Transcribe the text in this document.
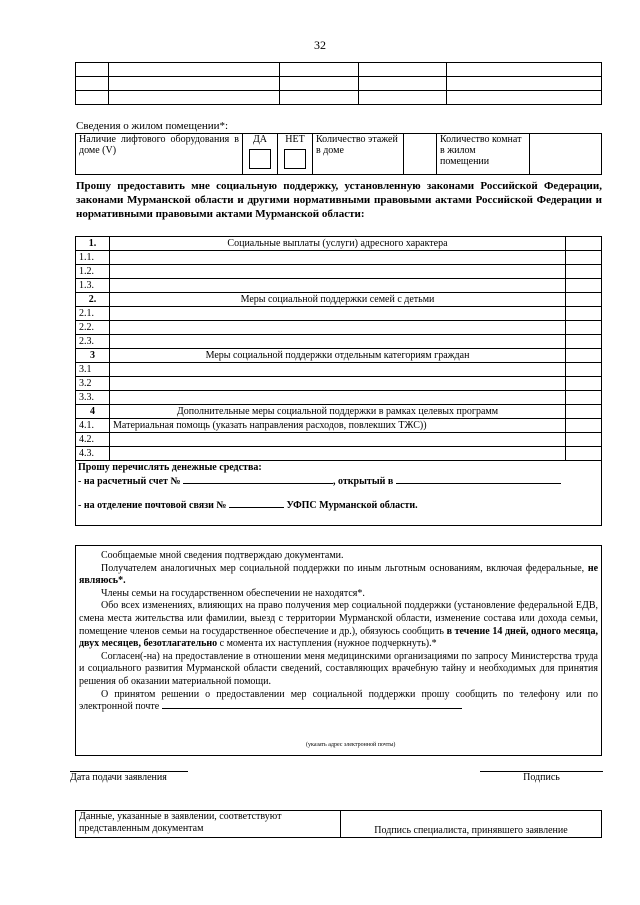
32

Сведения о жилом помещении*:
Наличие лифтового оборудования в доме (V)	
ДА	НЕТ	Количество этажей в доме		Количество комнат в жилом помещении	
Прошу предоставить мне социальную поддержку, установленную законами Российской Федерации, законами Мурманской области и другими нормативными правовыми актами Российской Федерации и нормативными правовыми актами Мурманской области:
1.	Социальные выплаты (услуги) адресного характера	
1.1.		
1.2.		
1.3.		
2.	Меры социальной поддержки семей с детьми	
2.1.		
2.2.		
2.3.		
3	Меры социальной поддержки отдельным категориям граждан	
3.1		
3.2		
3.3.		
4	Дополнительные меры социальной поддержки в рамках целевых программ	
4.1.	Материальная помощь (указать направления расходов, повлекших ТЖС))	
4.2.		
4.3.		
Прошу перечислять денежные средства:
- на расчетный счет №	, открытый в
- на отделение почтовой связи №	УФПС Мурманской области.

Сообщаемые мной сведения подтверждаю документами.

Получателем аналогичных мер социальной поддержки по иным льготным основаниям, включая федеральные, не являюсь*.

Члены семьи на государственном обеспечении не находятся*.

Обо всех изменениях, влияющих на право получения мер социальной поддержки (установление федеральной ЕДВ, смена места жительства или фамилии, выезд с территории Мурманской области, изменение состава или дохода семьи, помещение членов семьи на государственное обеспечение и др.), обязуюсь сообщить в течение 14 дней, одного месяца, двух месяцев, безотлагательно с момента их наступления (нужное подчеркнуть).*

Согласен(-на) на предоставление в отношении меня медицинскими организациями по запросу Министерства труда и социального развития Мурманской области сведений, составляющих врачебную тайну и необходимых для принятия решения об оказании материальной помощи.

О принятом решении о предоставлении мер социальной поддержки прошу сообщить по телефону или по электронной почте

(указать адрес электронной почты)
Дата подачи заявления	Подпись
Данные, указанные в заявлении, соответствуют представленным документам	Подпись специалиста, принявшего заявление
